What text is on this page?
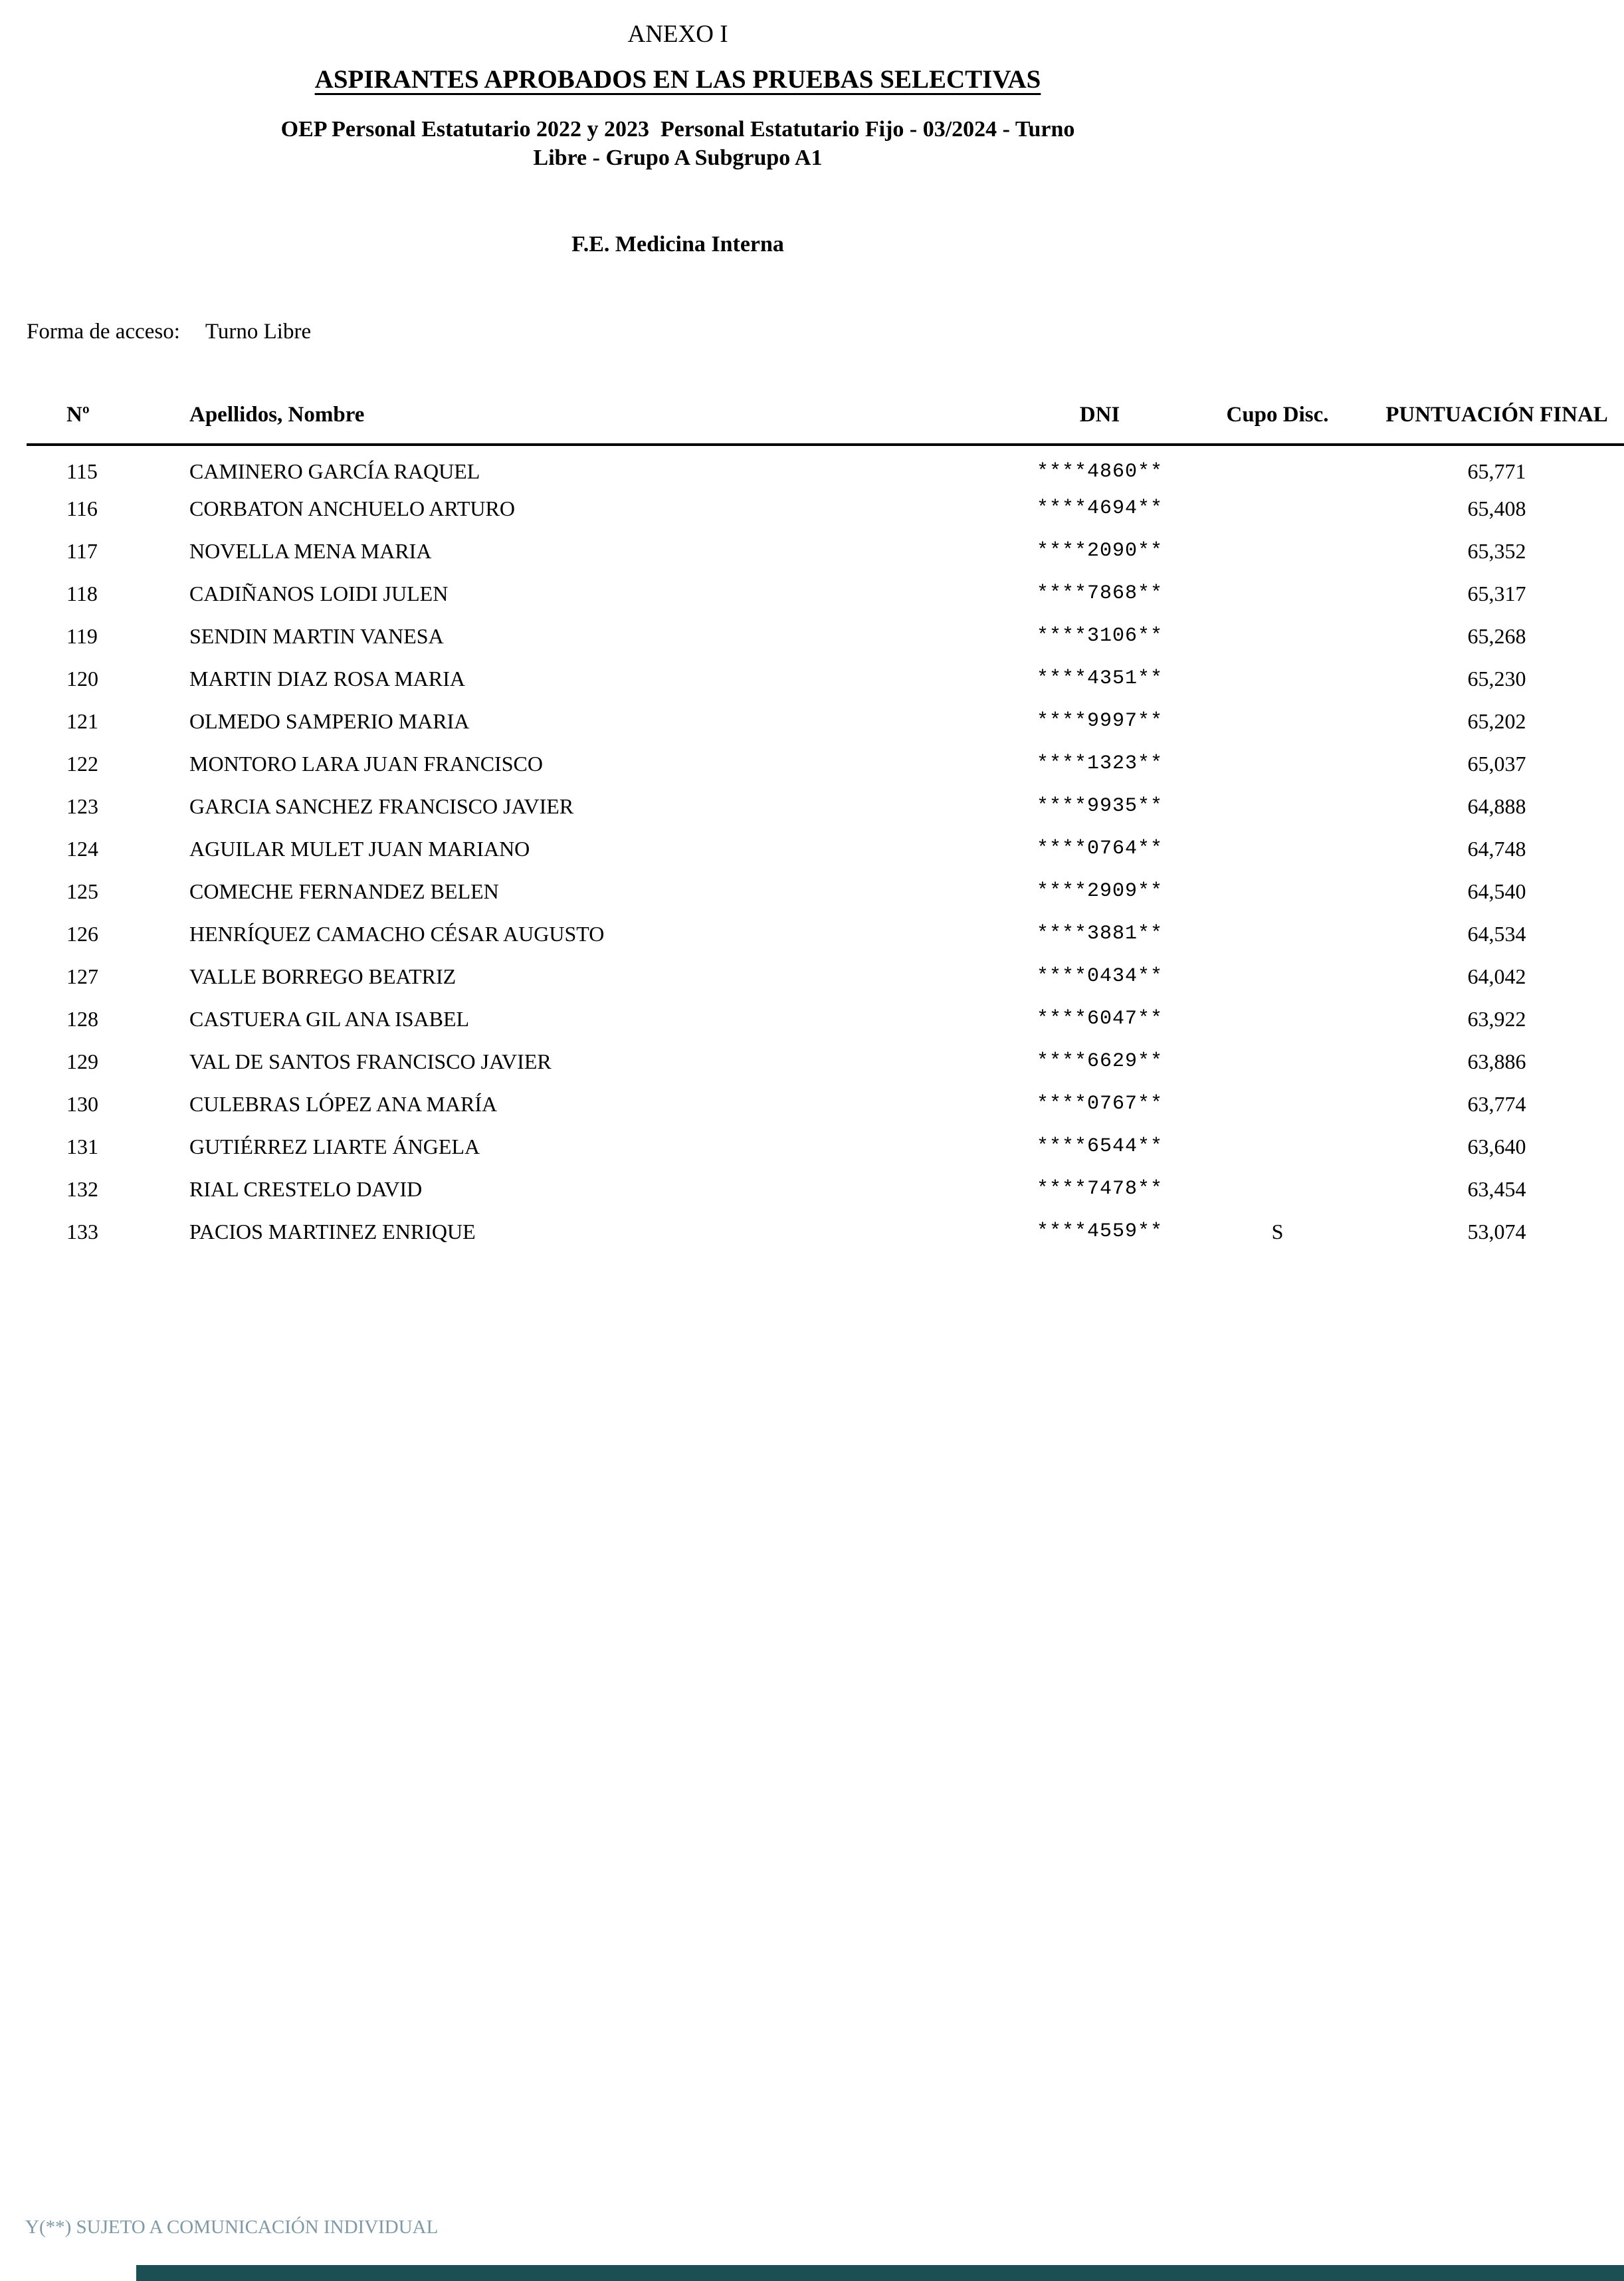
ANEXO I
ASPIRANTES APROBADOS EN LAS PRUEBAS SELECTIVAS
OEP Personal Estatutario 2022 y 2023  Personal Estatutario Fijo - 03/2024 - Turno
Libre - Grupo A Subgrupo A1
F.E. Medicina Interna
Forma de acceso: Turno Libre
Nº	Apellidos, Nombre	DNI	Cupo Disc.	PUNTUACIÓN FINAL
115	CAMINERO GARCÍA RAQUEL	****4860**		65,771
116	CORBATON ANCHUELO ARTURO	****4694**		65,408
117	NOVELLA MENA MARIA	****2090**		65,352
118	CADIÑANOS LOIDI JULEN	****7868**		65,317
119	SENDIN MARTIN VANESA	****3106**		65,268
120	MARTIN DIAZ ROSA MARIA	****4351**		65,230
121	OLMEDO SAMPERIO MARIA	****9997**		65,202
122	MONTORO LARA JUAN FRANCISCO	****1323**		65,037
123	GARCIA SANCHEZ FRANCISCO JAVIER	****9935**		64,888
124	AGUILAR MULET JUAN MARIANO	****0764**		64,748
125	COMECHE FERNANDEZ BELEN	****2909**		64,540
126	HENRÍQUEZ CAMACHO CÉSAR AUGUSTO	****3881**		64,534
127	VALLE BORREGO BEATRIZ	****0434**		64,042
128	CASTUERA GIL ANA ISABEL	****6047**		63,922
129	VAL DE SANTOS FRANCISCO JAVIER	****6629**		63,886
130	CULEBRAS LÓPEZ ANA MARÍA	****0767**		63,774
131	GUTIÉRREZ LIARTE ÁNGELA	****6544**		63,640
132	RIAL CRESTELO DAVID	****7478**		63,454
133	PACIOS MARTINEZ ENRIQUE	****4559**	S	53,074
Y(**) SUJETO A COMUNICACIÓN INDIVIDUAL
